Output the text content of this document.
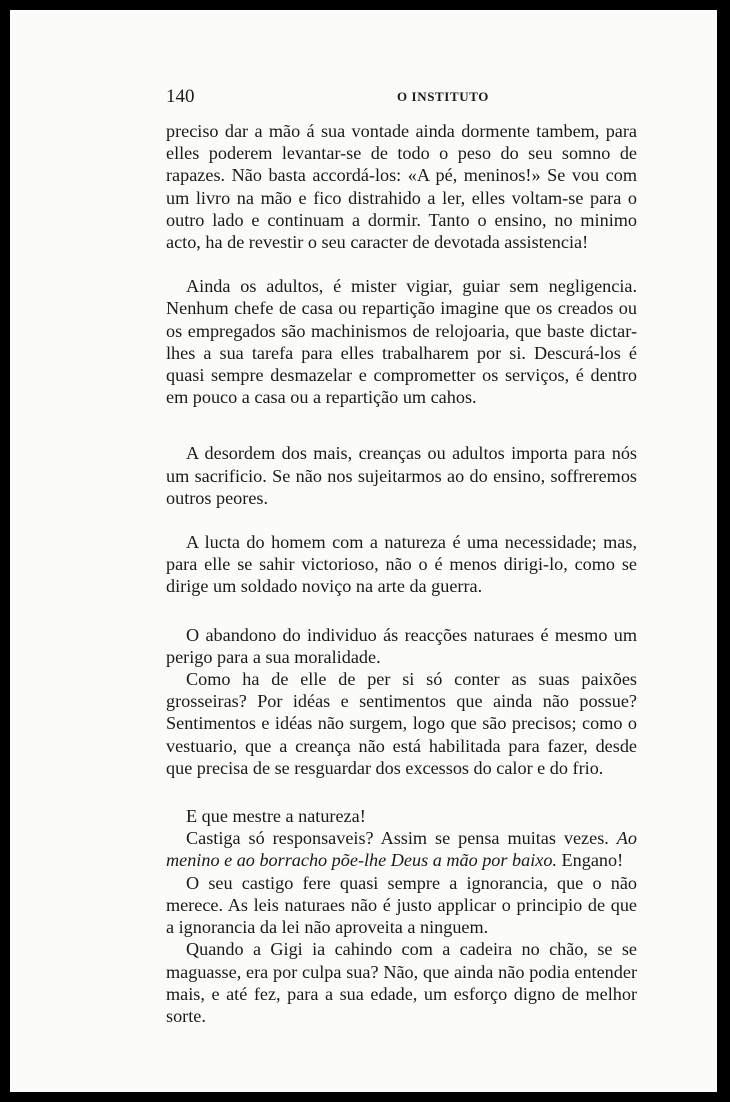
140	O INSTITUTO

preciso dar a mão á sua vontade ainda dormente tambem, para elles poderem levantar-se de todo o peso do seu somno de rapazes. Não basta accordá-los: «A pé, meninos!» Se vou com um livro na mão e fico distrahido a ler, elles voltam-se para o outro lado e continuam a dormir. Tanto o ensino, no minimo acto, ha de revestir o seu caracter de devotada assistencia!

Ainda os adultos, é mister vigiar, guiar sem negligencia. Nenhum chefe de casa ou repartição imagine que os creados ou os empregados são machinismos de relojoaria, que baste dictar-lhes a sua tarefa para elles trabalharem por si. Descurá-los é quasi sempre desmazelar e comprometter os serviços, é dentro em pouco a casa ou a repartição um cahos.

A desordem dos mais, creanças ou adultos importa para nós um sacrificio. Se não nos sujeitarmos ao do ensino, soffreremos outros peores.

A lucta do homem com a natureza é uma necessidade; mas, para elle se sahir victorioso, não o é menos dirigi-lo, como se dirige um soldado noviço na arte da guerra.

O abandono do individuo ás reacções naturaes é mesmo um perigo para a sua moralidade.

Como ha de elle de per si só conter as suas paixões grosseiras? Por idéas e sentimentos que ainda não possue? Sentimentos e idéas não surgem, logo que são precisos; como o vestuario, que a creança não está habilitada para fazer, desde que precisa de se resguardar dos excessos do calor e do frio.

E que mestre a natureza!

Castiga só responsaveis? Assim se pensa muitas vezes. Ao menino e ao borracho põe-lhe Deus a mão por baixo. Engano!

O seu castigo fere quasi sempre a ignorancia, que o não merece. As leis naturaes não é justo applicar o principio de que a ignorancia da lei não aproveita a ninguem.

Quando a Gigi ia cahindo com a cadeira no chão, se se maguasse, era por culpa sua? Não, que ainda não podia entender mais, e até fez, para a sua edade, um esforço digno de melhor sorte.
